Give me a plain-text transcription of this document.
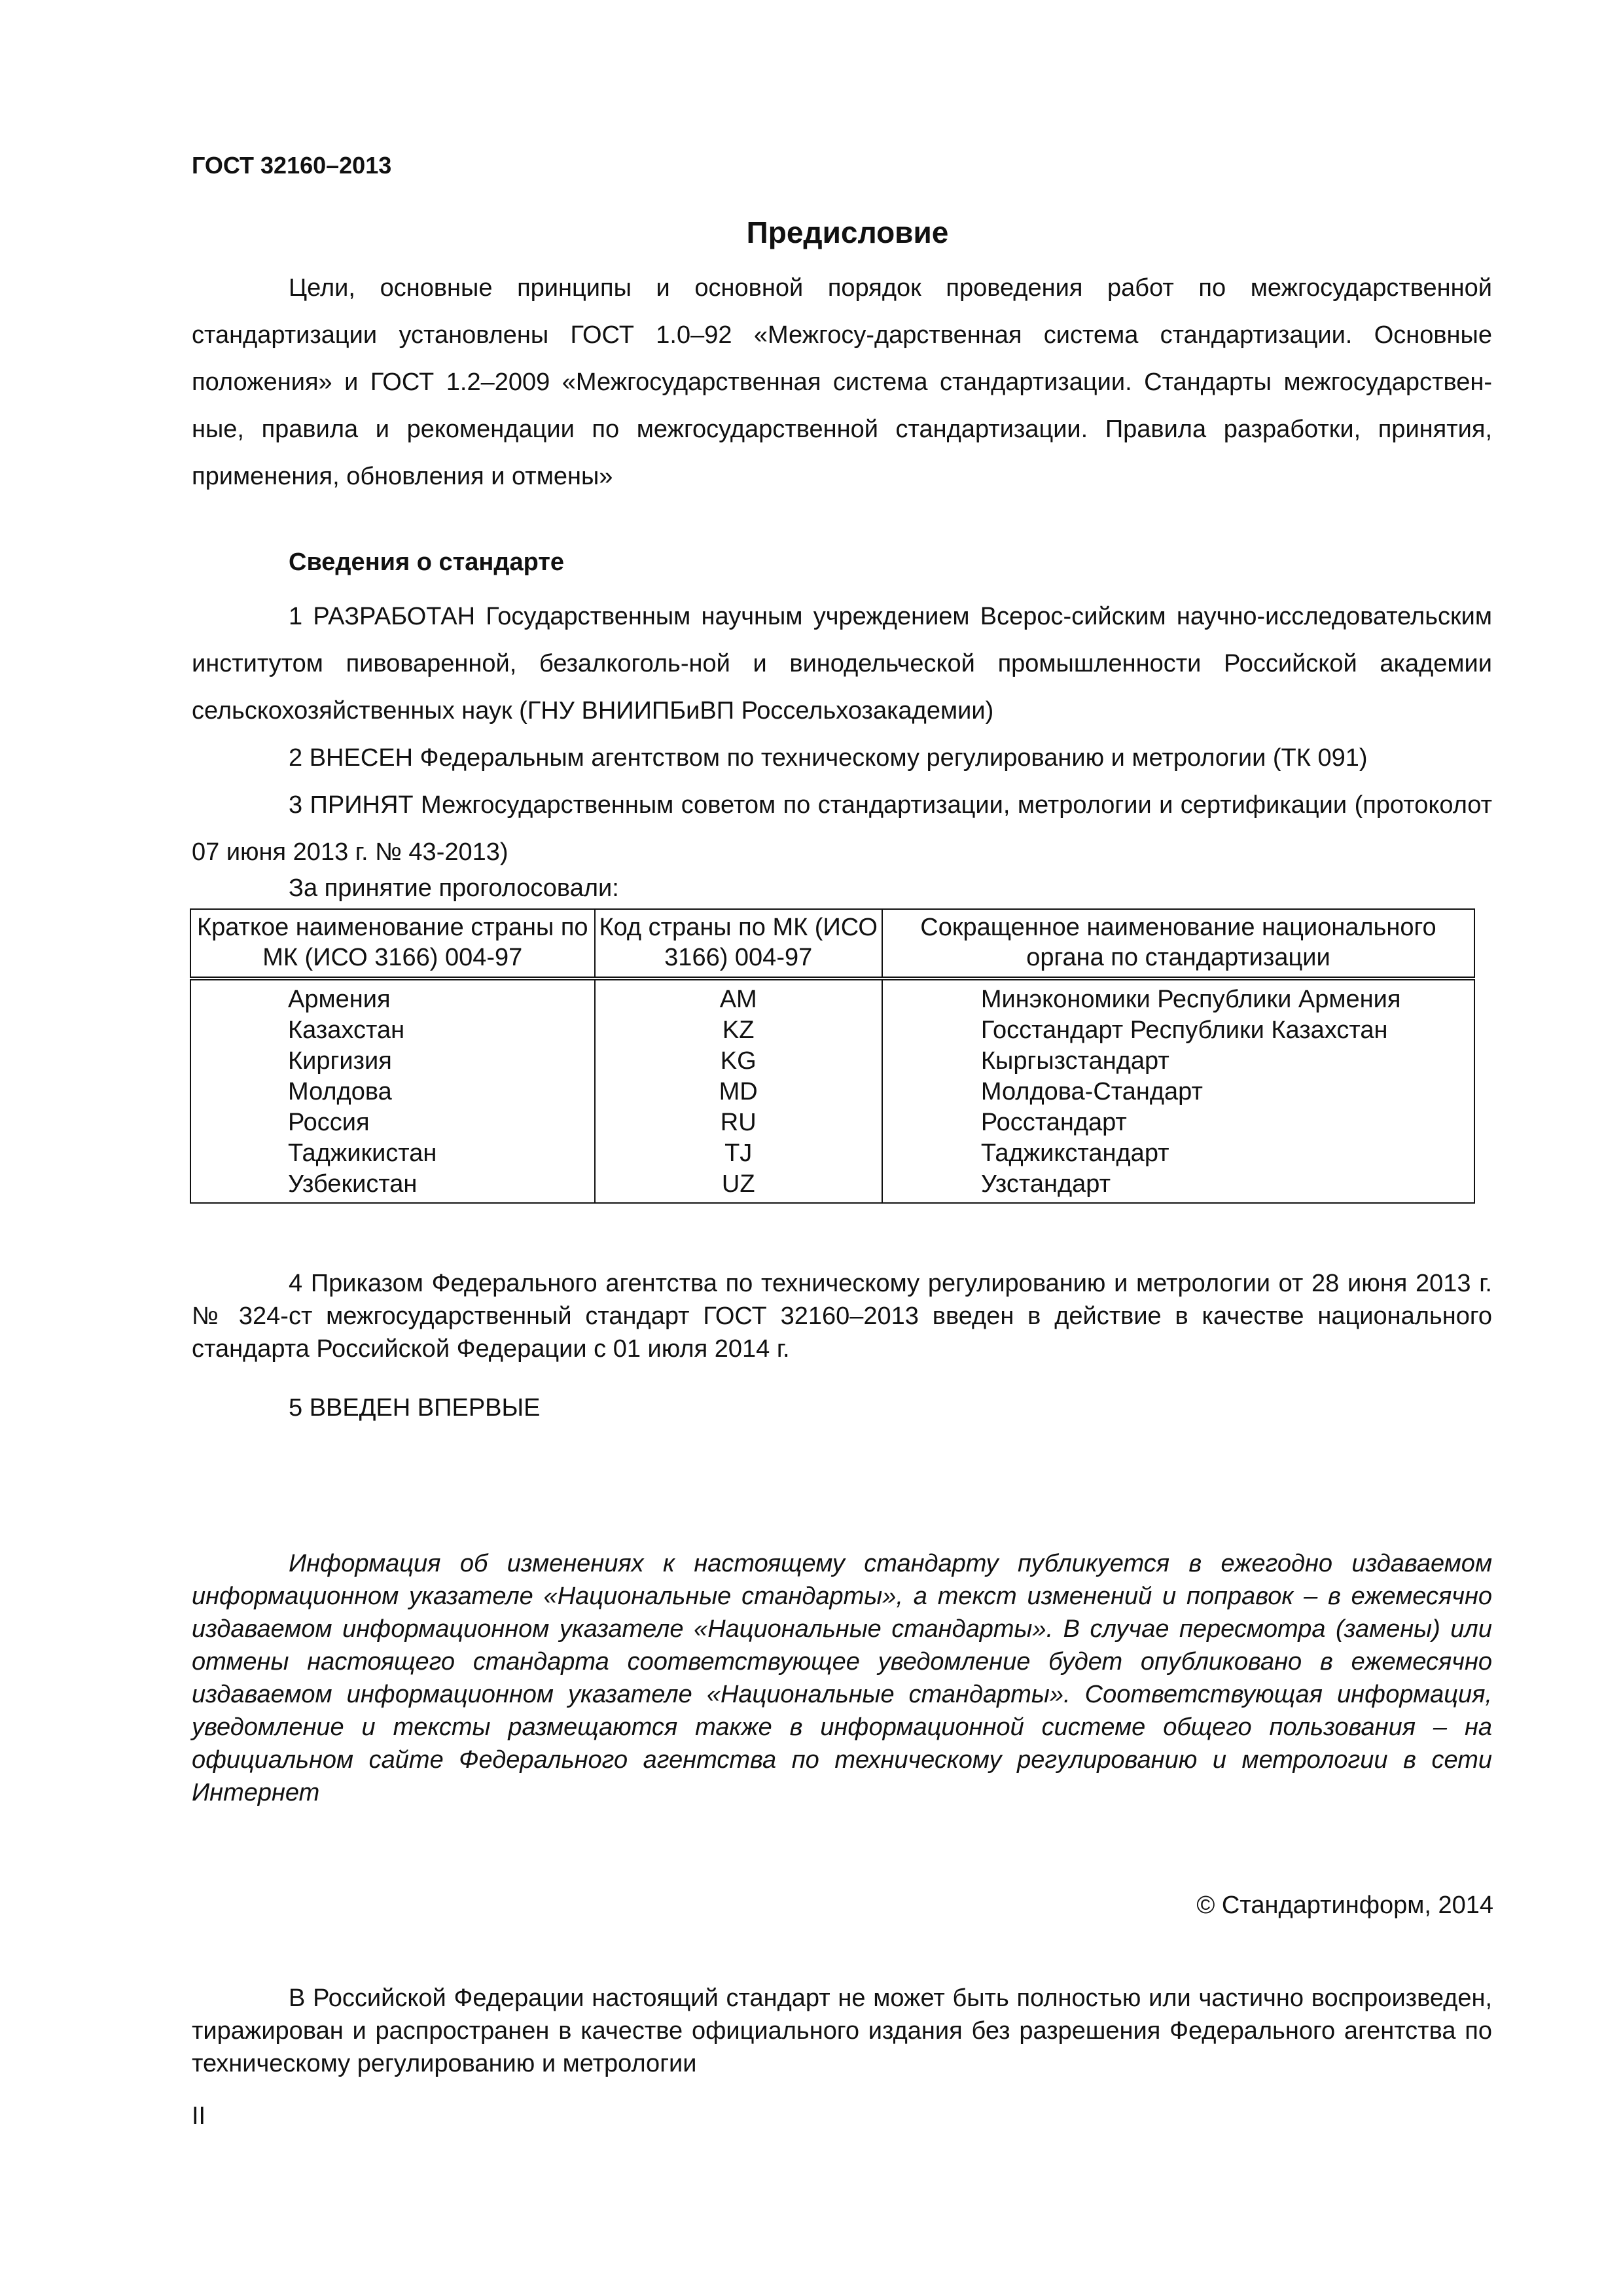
ГОСТ 32160–2013
Предисловие

Цели, основные принципы и основной порядок проведения работ по межгосударственной стандартизации установлены ГОСТ 1.0–92 «Межгосу-дарственная система стандартизации. Основные положения» и ГОСТ 1.2–2009 «Межгосударственная система стандартизации. Стандарты межгосударствен-ные, правила и рекомендации по межгосударственной стандартизации. Правила разработки, принятия, применения, обновления и отмены»

Сведения о стандарте

1 РАЗРАБОТАН Государственным научным учреждением Всерос-сийским научно-исследовательским институтом пивоваренной, безалкоголь-ной и винодельческой промышленности Российской академии сельскохозяйственных наук (ГНУ ВНИИПБиВП Россельхозакадемии)

2 ВНЕСЕН Федеральным агентством по техническому регулированию и метрологии (ТК 091)

3 ПРИНЯТ Межгосударственным советом по стандартизации, метрологии и сертификации (протоколот 07 июня 2013 г. № 43-2013)

За принятие проголосовали:
Краткое наименование страны по МК (ИСО 3166) 004-97	Код страны по МК (ИСО 3166) 004-97	Сокращенное наименование национального органа по стандартизации
Армения	AM	Минэкономики Республики Армения
Казахстан	KZ	Госстандарт Республики Казахстан
Киргизия	KG	Кыргызстандарт
Молдова	MD	Молдова-Стандарт
Россия	RU	Росстандарт
Таджикистан	TJ	Таджикстандарт
Узбекистан	UZ	Узстандарт

4 Приказом Федерального агентства по техническому регулированию и метрологии от 28 июня 2013 г. № 324-ст межгосударственный стандарт ГОСТ 32160–2013 введен в действие в качестве национального стандарта Российской Федерации с 01 июля 2014 г.

5 ВВЕДЕН ВПЕРВЫЕ

Информация об изменениях к настоящему стандарту публикуется в ежегодно издаваемом информационном указателе «Национальные стандарты», а текст изменений и поправок – в ежемесячно издаваемом информационном указателе «Национальные стандарты». В случае пересмотра (замены) или отмены настоящего стандарта соответствующее уведомление будет опубликовано в ежемесячно издаваемом информационном указателе «Национальные стандарты». Соответствующая информация, уведомление и тексты размещаются также в информационной системе общего пользования – на официальном сайте Федерального агентства по техническому регулированию и метрологии в сети Интернет

© Стандартинформ, 2014

В Российской Федерации настоящий стандарт не может быть полностью или частично воспроизведен, тиражирован и распространен в качестве официального издания без разрешения Федерального агентства по техническому регулированию и метрологии

II
